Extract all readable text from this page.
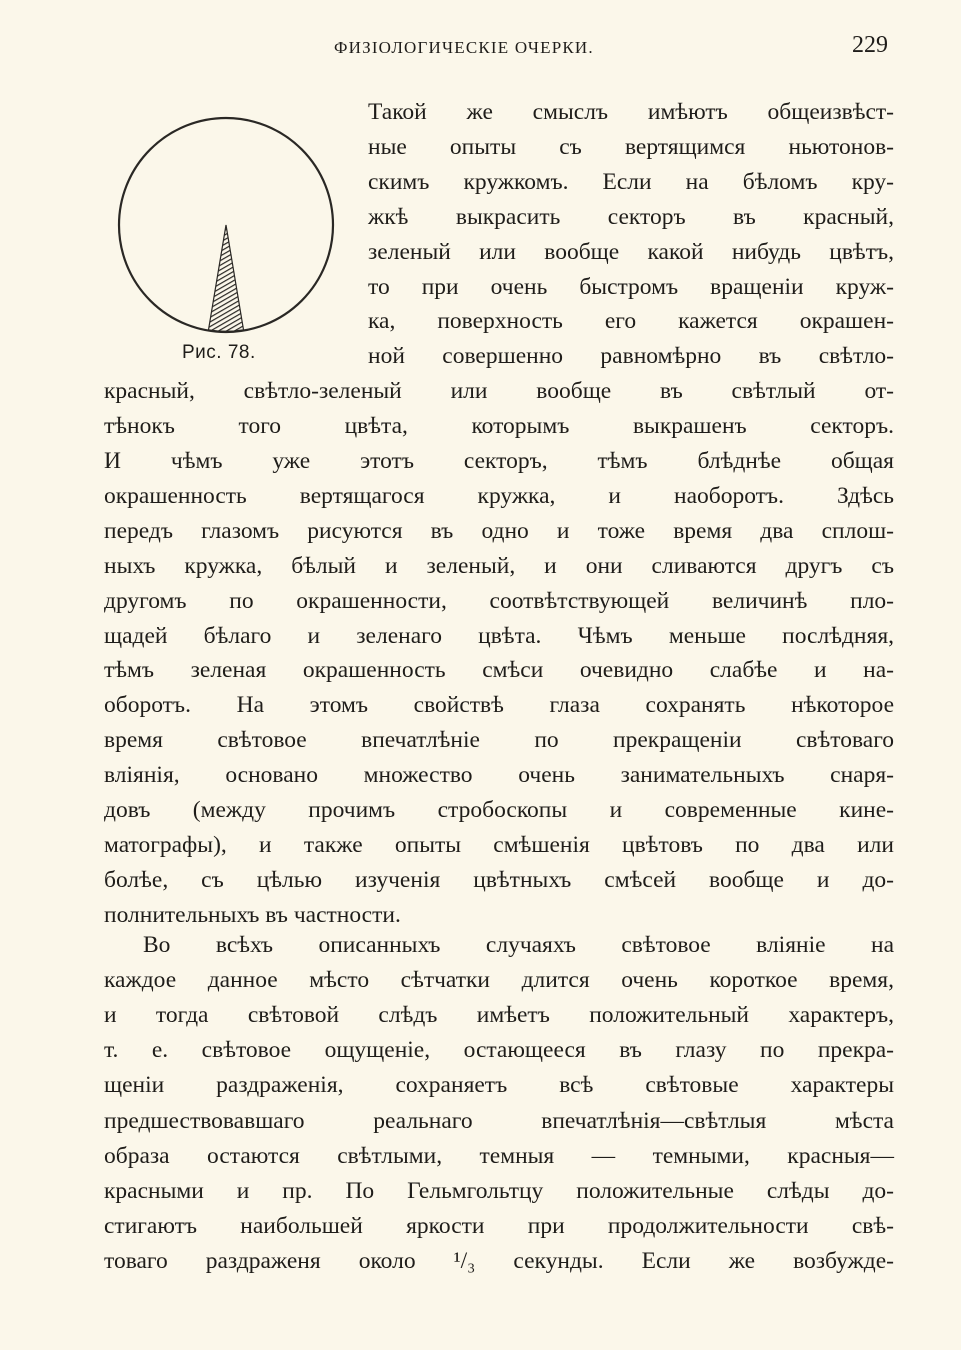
ФИЗІОЛОГИЧЕСКІЕ ОЧЕРКИ.	229
Рис. 78.
Такой же смыслъ имѣютъ общеизвѣст-
ные опыты съ вертящимся ньютонов-
скимъ кружкомъ. Если на бѣломъ кру-
жкѣ выкрасить секторъ въ красный,
зеленый или вообще какой нибудь цвѣтъ,
то при очень быстромъ вращеніи круж-
ка, поверхность его кажется окрашен-
ной совершенно равномѣрно въ свѣтло-
красный, свѣтло-зеленый или вообще въ свѣтлый от-
тѣнокъ того цвѣта, которымъ выкрашенъ секторъ.
И чѣмъ уже этотъ секторъ, тѣмъ блѣднѣе общая
окрашенность вертящагося кружка, и наоборотъ. Здѣсь
передъ глазомъ рисуются въ одно и тоже время два сплош-
ныхъ кружка, бѣлый и зеленый, и они сливаются другъ съ
другомъ по окрашенности, соотвѣтствующей величинѣ пло-
щадей бѣлаго и зеленаго цвѣта. Чѣмъ меньше послѣдняя,
тѣмъ зеленая окрашенность смѣси очевидно слабѣе и на-
оборотъ. На этомъ свойствѣ глаза сохранять нѣкоторое
время свѣтовое впечатлѣніе по прекращеніи свѣтоваго
вліянія, основано множество очень занимательныхъ снаря-
довъ (между прочимъ стробоскопы и современные кине-
матографы), и также опыты смѣшенія цвѣтовъ по два или
болѣе, съ цѣлью изученія цвѣтныхъ смѣсей вообще и до-
полнительныхъ въ частности.
Во всѣхъ описанныхъ случаяхъ свѣтовое вліяніе на
каждое данное мѣсто сѣтчатки длится очень короткое время,
и тогда свѣтовой слѣдъ имѣетъ положительный характеръ,
т. е. свѣтовое ощущеніе, остающееся въ глазу по прекра-
щеніи раздраженія, сохраняетъ всѣ свѣтовые характеры
предшествовавшаго реальнаго впечатлѣнія—свѣтлыя мѣста
образа остаются свѣтлыми, темныя — темными, красныя—
красными и пр. По Гельмгольтцу положительные слѣды до-
стигаютъ наибольшей яркости при продолжительности свѣ-
товаго раздраженя около ¹/₃ секунды. Если же возбужде-
